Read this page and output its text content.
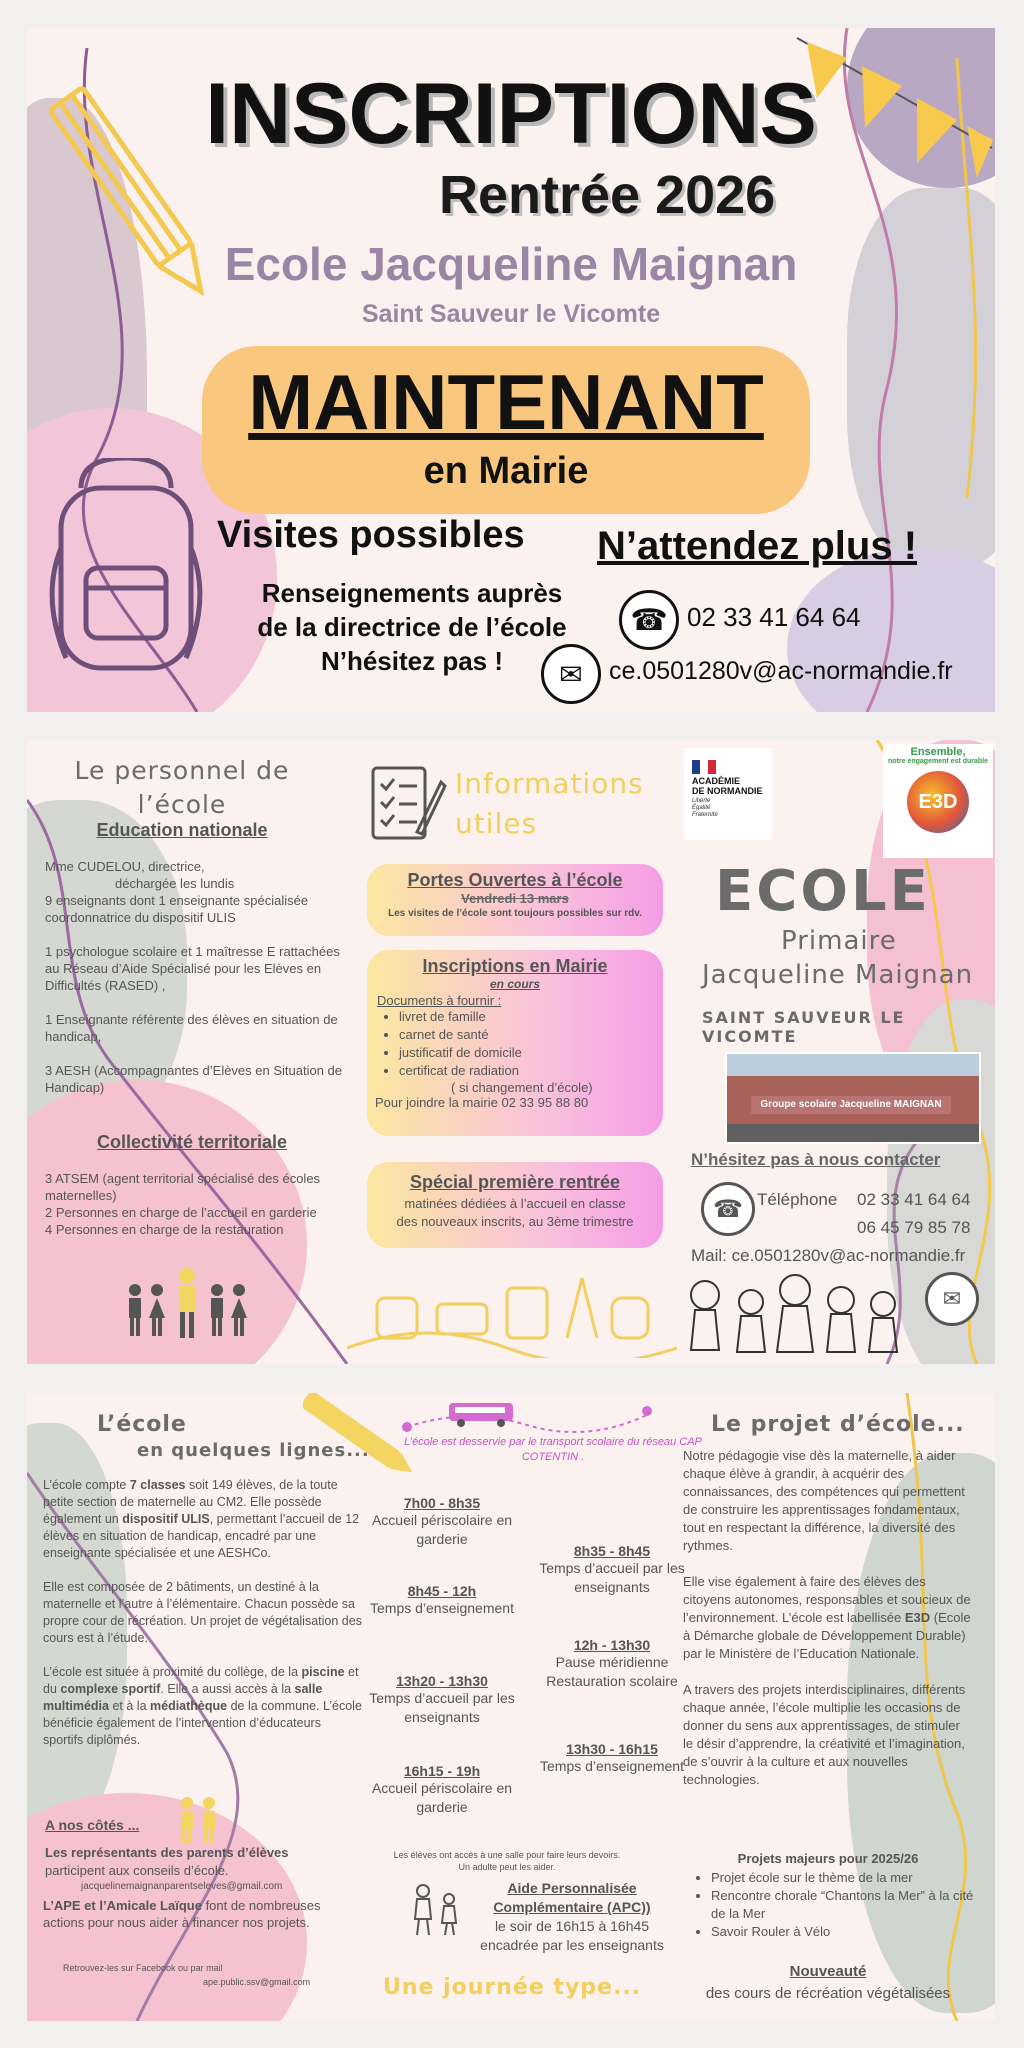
INSCRIPTIONS
Rentrée 2026
Ecole Jacqueline Maignan
Saint Sauveur le Vicomte
MAINTENANT
en Mairie
Visites possibles N’attendez plus !
Renseignements auprès
de la directrice de l’école
N’hésitez pas !
☎ 02 33 41 64 64
✉ ce.0501280v@ac-normandie.fr
Le personnel de l’école
Education nationale
Mme CUDELOU, directrice,
déchargée les lundis
9 enseignants dont 1 enseignante spécialisée coordonnatrice du dispositif ULIS
1 psychologue scolaire et 1 maîtresse E rattachées au Réseau d’Aide Spécialisé pour les Elèves en Difficultés (RASED) ,
1 Enseignante référente des élèves en situation de handicap,
3 AESH (Accompagnantes d’Elèves en Situation de Handicap)
Collectivité territoriale
3 ATSEM (agent territorial spécialisé des écoles maternelles)
2 Personnes en charge de l’accueil en garderie
4 Personnes en charge de la restauration
Informations
utiles
Portes Ouvertes à l’école
Vendredi 13 mars
Les visites de l’école sont toujours possibles sur rdv.
Inscriptions en Mairie
en cours
Documents à fournir :
• livret de famille
• carnet de santé
• justificatif de domicile
• certificat de radiation
( si changement d’école)
Pour joindre la mairie 02 33 95 88 80
Spécial première rentrée
matinées dédiées à l’accueil en classe
des nouveaux inscrits, au 3ème trimestre
ACADÉMIE
DE NORMANDIE
Liberté
Égalité
Fraternité
Ensemble,
notre engagement est durable
E3D
ECOLE
Primaire
Jacqueline Maignan
SAINT SAUVEUR LE VICOMTE
Groupe scolaire Jacqueline MAIGNAN
N’hésitez pas à nous contacter
☎ Téléphone 02 33 41 64 64
06 45 79 85 78
Mail: ce.0501280v@ac-normandie.fr
✉
L’école
en quelques lignes...
L’école compte 7 classes soit 149 élèves, de la toute petite section de maternelle au CM2. Elle possède également un dispositif ULIS, permettant l’accueil de 12 élèves en situation de handicap, encadré par une enseignante spécialisée et une AESHCo.
Elle est composée de 2 bâtiments, un destiné à la maternelle et l’autre à l’élémentaire. Chacun possède sa propre cour de récréation. Un projet de végétalisation des cours est à l’étude.
L’école est située à proximité du collège, de la piscine et du complexe sportif. Elle a aussi accès à la salle multimédia et à la médiathèque de la commune. L’école bénéficie également de l’intervention d’éducateurs sportifs diplômés.
A nos côtés ...
Les représentants des parents d’élèves
participent aux conseils d’école.
jacquelinemaignanparentseleves@gmail.com
L’APE et l’Amicale Laïque font de nombreuses actions pour nous aider à financer nos projets.
Retrouvez-les sur Facebook ou par mail
ape.public.ssv@gmail.com
L’école est desservie par le transport scolaire du réseau CAP COTENTIN .
7h00 - 8h35
Accueil périscolaire en garderie
8h45 - 12h
Temps d’enseignement
13h20 - 13h30
Temps d’accueil par les enseignants
16h15 - 19h
Accueil périscolaire en garderie
8h35 - 8h45
Temps d’accueil par les enseignants
12h - 13h30
Pause méridienne Restauration scolaire
13h30 - 16h15
Temps d’enseignement
Les élèves ont accès à une salle pour faire leurs devoirs.
Un adulte peut les aider.
Aide Personnalisée
Complémentaire (APC))
le soir de 16h15 à 16h45
encadrée par les enseignants
Une journée type...
Le projet d’école...
Notre pédagogie vise dès la maternelle, à aider chaque élève à grandir, à acquérir des connaissances, des compétences qui permettent de construire les apprentissages fondamentaux, tout en respectant la différence, la diversité des rythmes.
Elle vise également à faire des élèves des citoyens autonomes, responsables et soucieux de l’environnement. L’école est labellisée E3D (Ecole à Démarche globale de Développement Durable) par le Ministère de l’Education Nationale.
A travers des projets interdisciplinaires, différents chaque année, l’école multiplie les occasions de donner du sens aux apprentissages, de stimuler le désir d’apprendre, la créativité et l’imagination, de s’ouvrir à la culture et aux nouvelles technologies.
Projets majeurs pour 2025/26
• Projet école sur le thème de la mer
• Rencontre chorale “Chantons la Mer” à la cité de la Mer
• Savoir Rouler à Vélo
Nouveauté
des cours de récréation végétalisées
